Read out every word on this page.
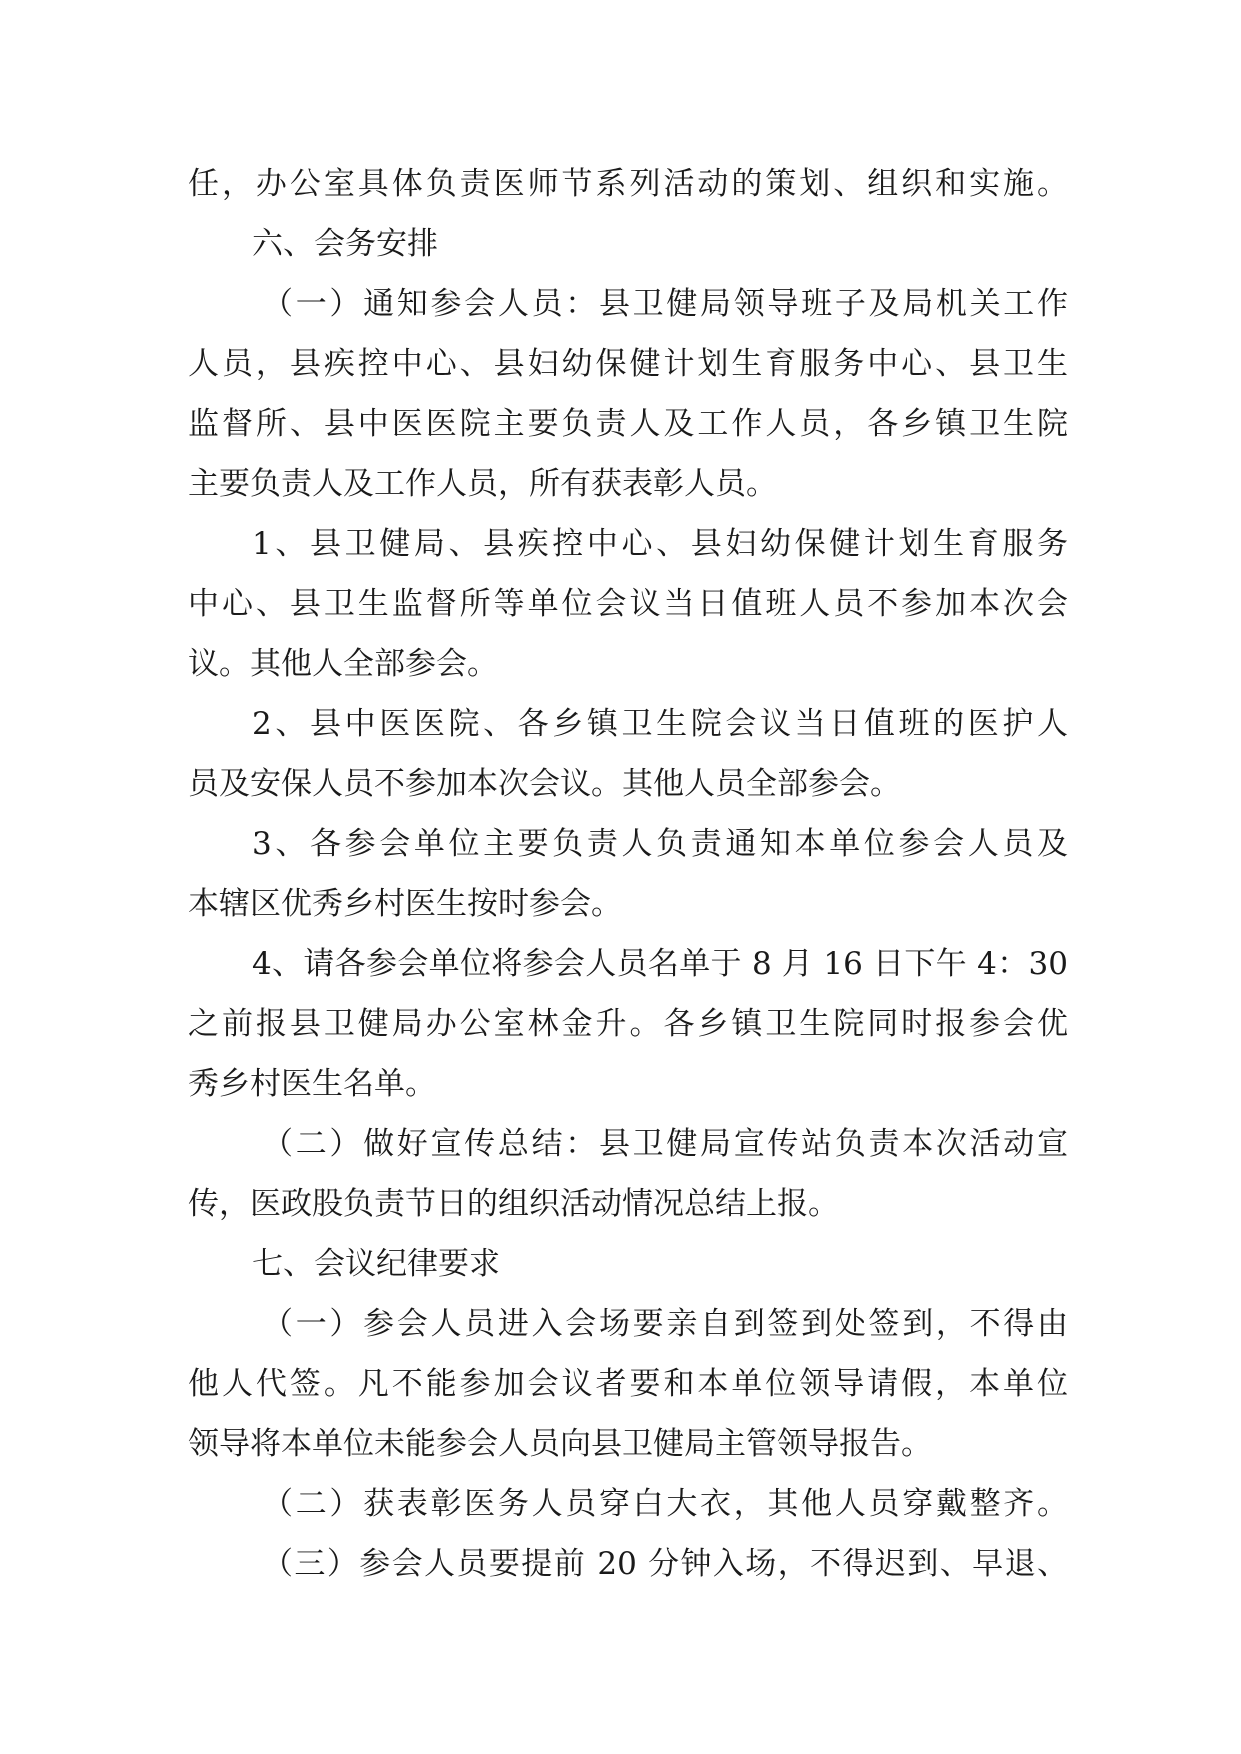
任，办公室具体负责医师节系列活动的策划、组织和实施。
六、会务安排
（一）通知参会人员：县卫健局领导班子及局机关工作
人员，县疾控中心、县妇幼保健计划生育服务中心、县卫生
监督所、县中医医院主要负责人及工作人员，各乡镇卫生院
主要负责人及工作人员，所有获表彰人员。
1、县卫健局、县疾控中心、县妇幼保健计划生育服务
中心、县卫生监督所等单位会议当日值班人员不参加本次会
议。其他人全部参会。
2、县中医医院、各乡镇卫生院会议当日值班的医护人
员及安保人员不参加本次会议。其他人员全部参会。
3、各参会单位主要负责人负责通知本单位参会人员及
本辖区优秀乡村医生按时参会。
4、请各参会单位将参会人员名单于 8 月 16 日下午 4：30
之前报县卫健局办公室林金升。各乡镇卫生院同时报参会优
秀乡村医生名单。
（二）做好宣传总结：县卫健局宣传站负责本次活动宣
传，医政股负责节日的组织活动情况总结上报。
七、会议纪律要求
（一）参会人员进入会场要亲自到签到处签到，不得由
他人代签。凡不能参加会议者要和本单位领导请假，本单位
领导将本单位未能参会人员向县卫健局主管领导报告。
（二）获表彰医务人员穿白大衣，其他人员穿戴整齐。
（三）参会人员要提前 20 分钟入场，不得迟到、早退、
